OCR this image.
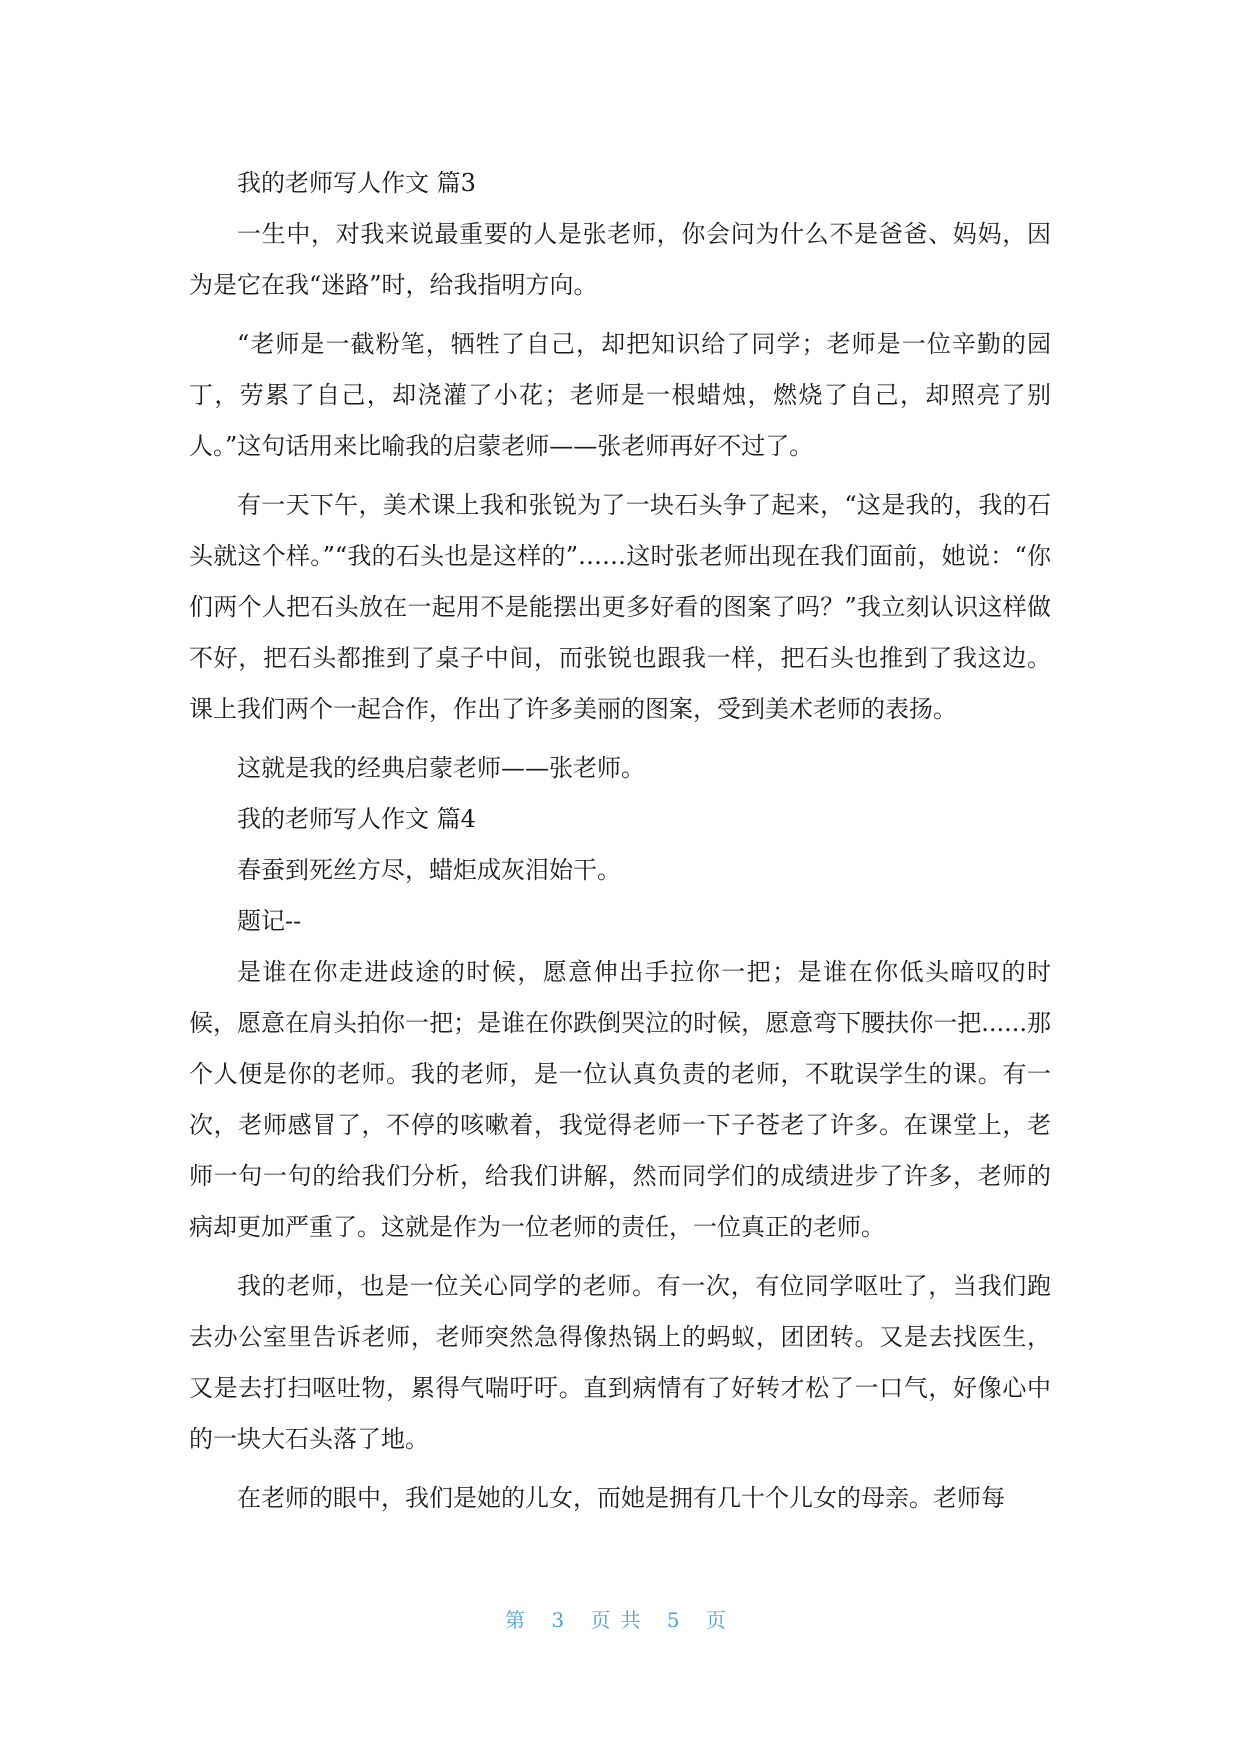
我的老师写人作文 篇3

一生中，对我来说最重要的人是张老师，你会问为什么不是爸爸、妈妈，因为是它在我“迷路”时，给我指明方向。

“老师是一截粉笔，牺牲了自己，却把知识给了同学；老师是一位辛勤的园丁，劳累了自己，却浇灌了小花；老师是一根蜡烛，燃烧了自己，却照亮了别人。”这句话用来比喻我的启蒙老师——张老师再好不过了。

有一天下午，美术课上我和张锐为了一块石头争了起来，“这是我的，我的石头就这个样。”“我的石头也是这样的”……这时张老师出现在我们面前，她说：“你们两个人把石头放在一起用不是能摆出更多好看的图案了吗？”我立刻认识这样做不好，把石头都推到了桌子中间，而张锐也跟我一样，把石头也推到了我这边。课上我们两个一起合作，作出了许多美丽的图案，受到美术老师的表扬。

这就是我的经典启蒙老师——张老师。

我的老师写人作文 篇4

春蚕到死丝方尽，蜡炬成灰泪始干。

题记--

是谁在你走进歧途的时候，愿意伸出手拉你一把；是谁在你低头暗叹的时候，愿意在肩头拍你一把；是谁在你跌倒哭泣的时候，愿意弯下腰扶你一把......那个人便是你的老师。我的老师，是一位认真负责的老师，不耽误学生的课。有一次，老师感冒了，不停的咳嗽着，我觉得老师一下子苍老了许多。在课堂上，老师一句一句的给我们分析，给我们讲解，然而同学们的成绩进步了许多，老师的病却更加严重了。这就是作为一位老师的责任，一位真正的老师。

我的老师，也是一位关心同学的老师。有一次，有位同学呕吐了，当我们跑去办公室里告诉老师，老师突然急得像热锅上的蚂蚁，团团转。又是去找医生，又是去打扫呕吐物，累得气喘吁吁。直到病情有了好转才松了一口气，好像心中的一块大石头落了地。

在老师的眼中，我们是她的儿女，而她是拥有几十个儿女的母亲。老师每

第 3 页共 5 页
